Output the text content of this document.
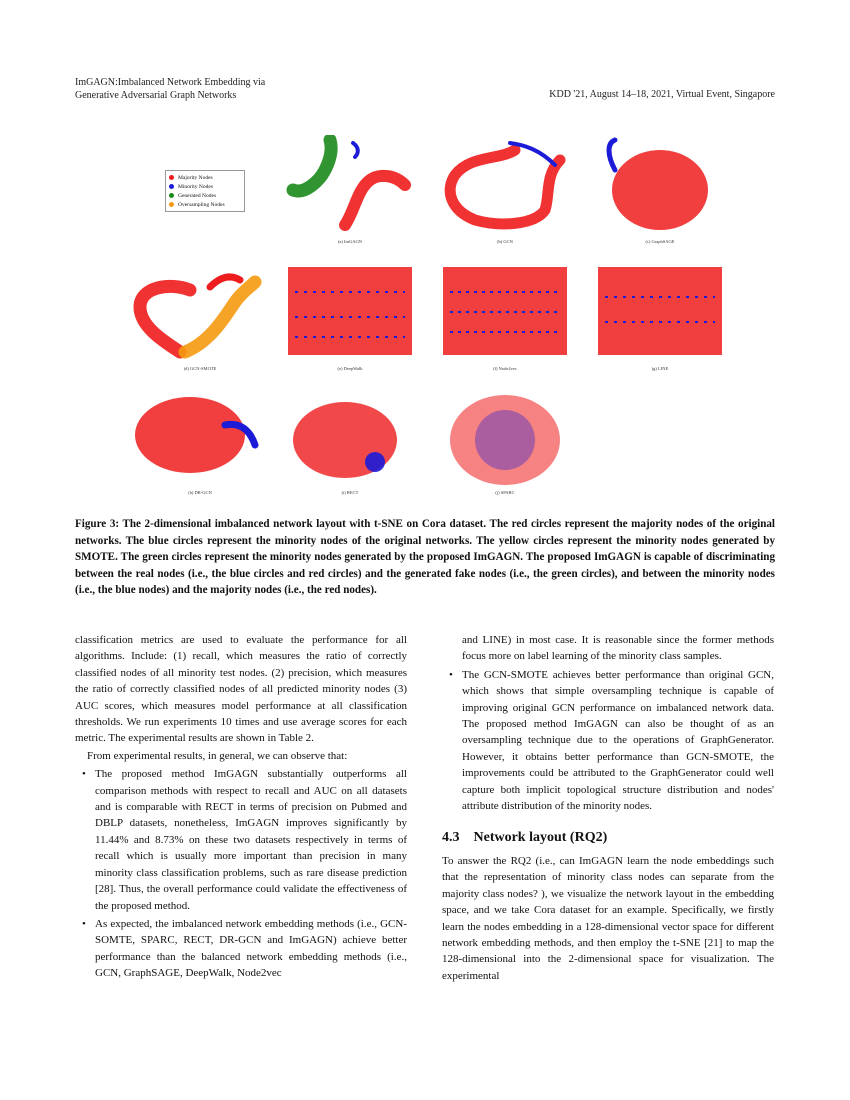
ImGAGN:Imbalanced Network Embedding via
Generative Adversarial Graph Networks	KDD '21, August 14–18, 2021, Virtual Event, Singapore
Majority Nodes
Minority Nodes
Generated Nodes
Oversampling Nodes
(a) ImGAGN	(b) GCN	(c) GraphSAGE
(d) GCN-SMOTE	(e) DeepWalk	(f) Node2vec	(g) LINE
(h) DR-GCN	(i) RECT	(j) SPARC
Figure 3: The 2-dimensional imbalanced network layout with t-SNE on Cora dataset. The red circles represent the majority nodes of the original networks. The blue circles represent the minority nodes of the original networks. The yellow circles represent the minority nodes generated by SMOTE. The green circles represent the minority nodes generated by the proposed ImGAGN. The proposed ImGAGN is capable of discriminating between the real nodes (i.e., the blue circles and red circles) and the generated fake nodes (i.e., the green circles), and between the minority nodes (i.e., the blue nodes) and the majority nodes (i.e., the red nodes).

classification metrics are used to evaluate the performance for all algorithms. Include: (1) recall, which measures the ratio of correctly classified nodes of all minority test nodes. (2) precision, which measures the ratio of correctly classified nodes of all predicted minority nodes (3) AUC scores, which measures model performance at all classification thresholds. We run experiments 10 times and use average scores for each metric. The experimental results are shown in Table 2.

From experimental results, in general, we can observe that:

• The proposed method ImGAGN substantially outperforms all comparison methods with respect to recall and AUC on all datasets and is comparable with RECT in terms of precision on Pubmed and DBLP datasets, nonetheless, ImGAGN improves significantly by 11.44% and 8.73% on these two datasets respectively in terms of recall which is usually more important than precision in many minority class classification problems, such as rare disease prediction [28]. Thus, the overall performance could validate the effectiveness of the proposed method.
• As expected, the imbalanced network embedding methods (i.e., GCN-SOMTE, SPARC, RECT, DR-GCN and ImGAGN) achieve better performance than the balanced network embedding methods (i.e., GCN, GraphSAGE, DeepWalk, Node2vec

and LINE) in most case. It is reasonable since the former methods focus more on label learning of the minority class samples.

• The GCN-SMOTE achieves better performance than original GCN, which shows that simple oversampling technique is capable of improving original GCN performance on imbalanced network data. The proposed method ImGAGN can also be thought of as an oversampling technique due to the operations of GraphGenerator. However, it obtains better performance than GCN-SMOTE, the improvements could be attributed to the GraphGenerator could well capture both implicit topological structure distribution and nodes' attribute distribution of the minority nodes.
4.3 Network layout (RQ2)

To answer the RQ2 (i.e., can ImGAGN learn the node embeddings such that the representation of minority class nodes can separate from the majority class nodes? ), we visualize the network layout in the embedding space, and we take Cora dataset for an example. Specifically, we firstly learn the nodes embedding in a 128-dimensional vector space for different network embedding methods, and then employ the t-SNE [21] to map the 128-dimensional into the 2-dimensional space for visualization. The experimental
